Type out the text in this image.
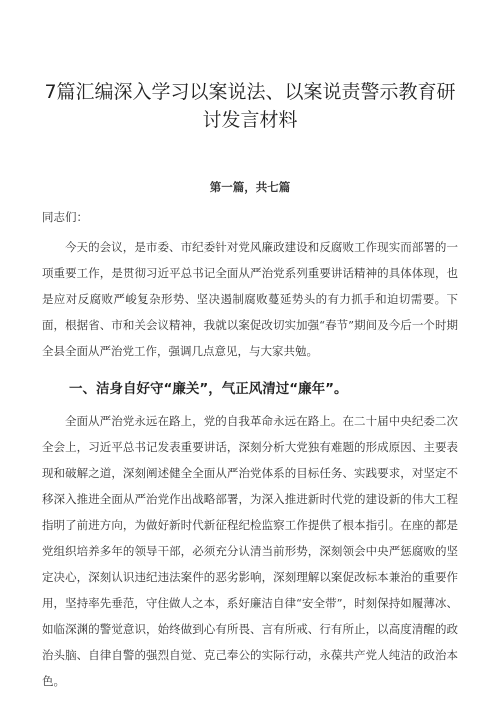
7篇汇编深入学习以案说法、以案说责警示教育研讨发言材料

第一篇，共七篇

同志们：

今天的会议，是市委、市纪委针对党风廉政建设和反腐败工作现实而部署的一项重要工作，是贯彻习近平总书记全面从严治党系列重要讲话精神的具体体现，也是应对反腐败严峻复杂形势、坚决遏制腐败蔓延势头的有力抓手和迫切需要。下面，根据省、市和关会议精神，我就以案促改切实加强“春节”期间及今后一个时期全县全面从严治党工作，强调几点意见，与大家共勉。

一、洁身自好守“廉关”，气正风清过“廉年”。

全面从严治党永远在路上，党的自我革命永远在路上。在二十届中央纪委二次全会上，习近平总书记发表重要讲话，深刻分析大党独有难题的形成原因、主要表现和破解之道，深刻阐述健全全面从严治党体系的目标任务、实践要求，对坚定不移深入推进全面从严治党作出战略部署，为深入推进新时代党的建设新的伟大工程指明了前进方向，为做好新时代新征程纪检监察工作提供了根本指引。在座的都是党组织培养多年的领导干部，必须充分认清当前形势，深刻领会中央严惩腐败的坚定决心，深刻认识违纪违法案件的恶劣影响，深刻理解以案促改标本兼治的重要作用，坚持率先垂范，守住做人之本，系好廉洁自律“安全带”，时刻保持如履薄冰、如临深渊的警觉意识，始终做到心有所畏、言有所戒、行有所止，以高度清醒的政治头脑、自律自警的强烈自觉、克己奉公的实际行动，永葆共产党人纯洁的政治本色。
